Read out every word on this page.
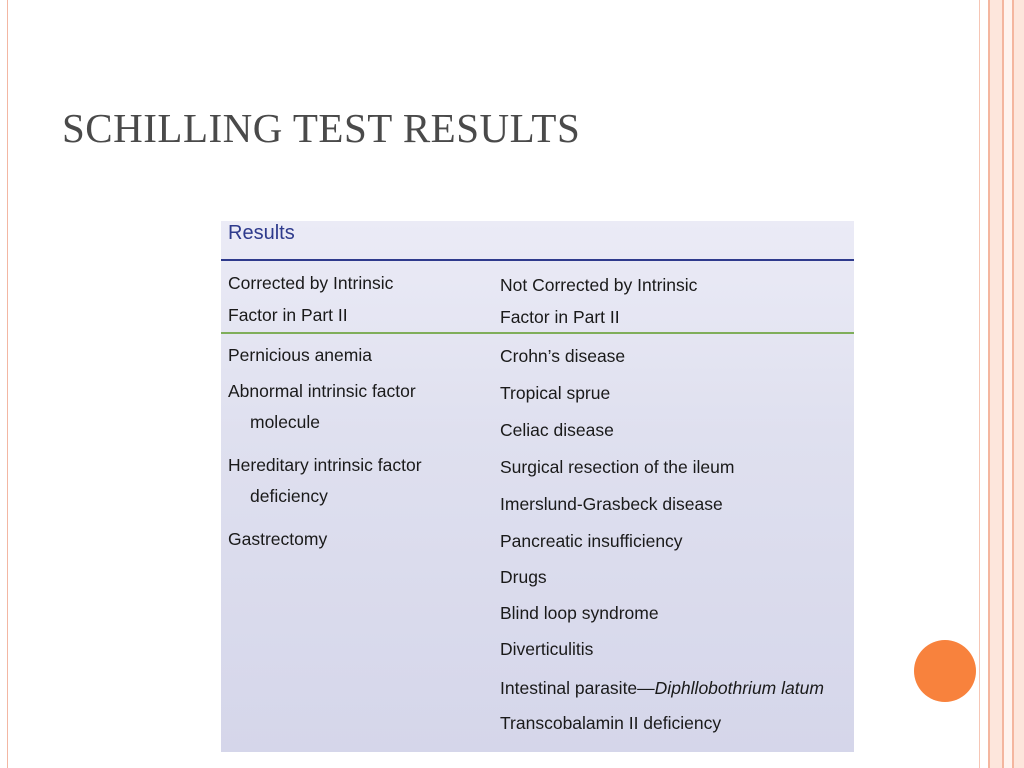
SCHILLING TEST RESULTS
Results
Corrected by Intrinsic
Factor in Part II
Not Corrected by Intrinsic
Factor in Part II
Pernicious anemia
Abnormal intrinsic factor
molecule
Hereditary intrinsic factor
deficiency
Gastrectomy
Crohn’s disease
Tropical sprue
Celiac disease
Surgical resection of the ileum
Imerslund-Grasbeck disease
Pancreatic insufficiency
Drugs
Blind loop syndrome
Diverticulitis
Intestinal parasite—Diphllobothrium latum
Transcobalamin II deficiency
